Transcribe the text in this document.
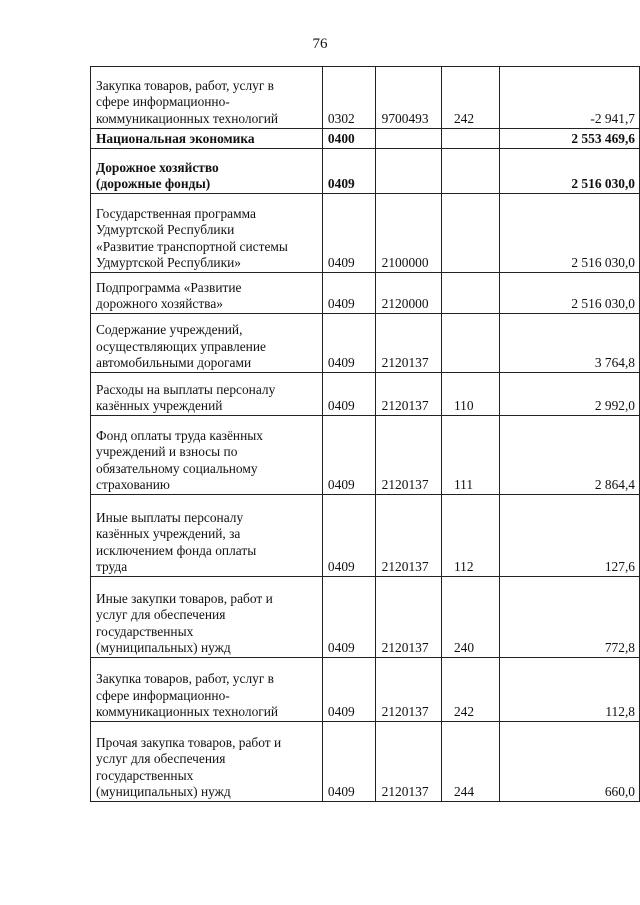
76
Закупка товаров, работ, услуг в
сфере информационно-
коммуникационных технологий	0302	9700493	242	-2 941,7
Национальная экономика	0400			2 553 469,6
Дорожное хозяйство
(дорожные фонды)	0409			2 516 030,0
Государственная программа
Удмуртской Республики
«Развитие транспортной системы
Удмуртской Республики»	0409	2100000		2 516 030,0
Подпрограмма «Развитие
дорожного хозяйства»	0409	2120000		2 516 030,0
Содержание учреждений,
осуществляющих управление
автомобильными дорогами	0409	2120137		3 764,8
Расходы на выплаты персоналу
казённых учреждений	0409	2120137	110	2 992,0
Фонд оплаты труда казённых
учреждений и взносы по
обязательному социальному
страхованию	0409	2120137	111	2 864,4
Иные выплаты персоналу
казённых учреждений, за
исключением фонда оплаты
труда	0409	2120137	112	127,6
Иные закупки товаров, работ и
услуг для обеспечения
государственных
(муниципальных) нужд	0409	2120137	240	772,8
Закупка товаров, работ, услуг в
сфере информационно-
коммуникационных технологий	0409	2120137	242	112,8
Прочая закупка товаров, работ и
услуг для обеспечения
государственных
(муниципальных) нужд	0409	2120137	244	660,0
